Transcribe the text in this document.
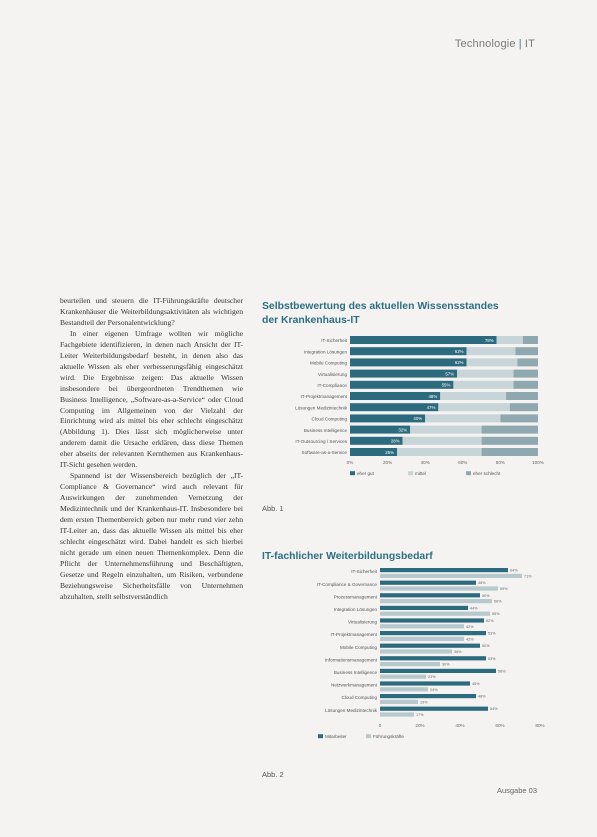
Technologie | IT

beurteilen und steuern die IT-Führungskräfte deutscher Krankenhäuser die Weiterbildungsaktivitäten als wichtigen Bestandteil der Personalentwicklung?

In einer eigenen Umfrage wollten wir mögliche Fachgebiete identifizieren, in denen nach Ansicht der IT-Leiter Weiterbildungsbedarf besteht, in denen also das aktuelle Wissen als eher verbesserungsfähig eingeschätzt wird. Die Ergebnisse zeigen: Das aktuelle Wissen insbesondere bei übergeordneten Trendthemen wie Business Intelligence, „Software-as-a-Service“ oder Cloud Computing im Allgemeinen von der Vielzahl der Einrichtung wird als mittel bis eher schlecht eingeschätzt (Abbildung 1). Dies lässt sich möglicherweise unter anderem damit die Ursache erklären, dass diese Themen eher abseits der relevanten Kernthemen aus Krankenhaus-IT-Sicht gesehen werden.

Spannend ist der Wissensbereich bezüglich der „IT-Compliance & Governance“ wird auch relevant für Auswirkungen der zunehmenden Vernetzung der Medizintechnik und der Krankenhaus-IT. Insbesondere bei dem ersten Themenbereich geben nur mehr rund vier zehn IT-Leiter an, dass das aktuelle Wissen als mittel bis eher schlecht eingeschätzt wird. Dabei handelt es sich hierbei nicht gerade um einen neuen Themenkomplex. Denn die Pflicht der Unternehmensführung und Beschäftigten, Gesetze und Regeln einzuhalten, um Risiken, verbundene Beziehungsweise Sicherheitsfälle von Unternehmen abzuhalten, stellt selbstverständlich

Selbstbewertung des aktuellen Wissensstandes
der Krankenhaus-IT
IT-Sicherheit	78%
Integration Lösungen	62%
Mobile Computing	62%
Virtualisierung	57%
IT-Compliance	55%
IT-Projektmanagement	48%
Lösungen Medizintechnik	47%
Cloud Computing	40%
Business Intelligence	32%
IT-Outsourcing / Services	28%
Software-as-a-Service	25%
0%	20%	40%	60%	80%	100%
eher gut	mittel	eher schlecht
Abb. 1
IT-fachlicher Weiterbildungsbedarf
IT-Sicherheit	64%
71%
IT-Compliance & Governance	48%
59%
Prozessmanagement	50%
56%
Integration Lösungen	44%
55%
Virtualisierung	52%
42%
IT-Projektmanagement	53%
42%
Mobile Computing	50%
36%
Informationsmanagement	53%
30%
Business Intelligence	58%
23%
Netzwerkmanagement	45%
24%
Cloud Computing	48%
19%
Lösungen Medizintechnik	54%
17%
0	20%	40%	60%	80%
Mitarbeiter	Führungskräfte
Abb. 2
Ausgabe 03
